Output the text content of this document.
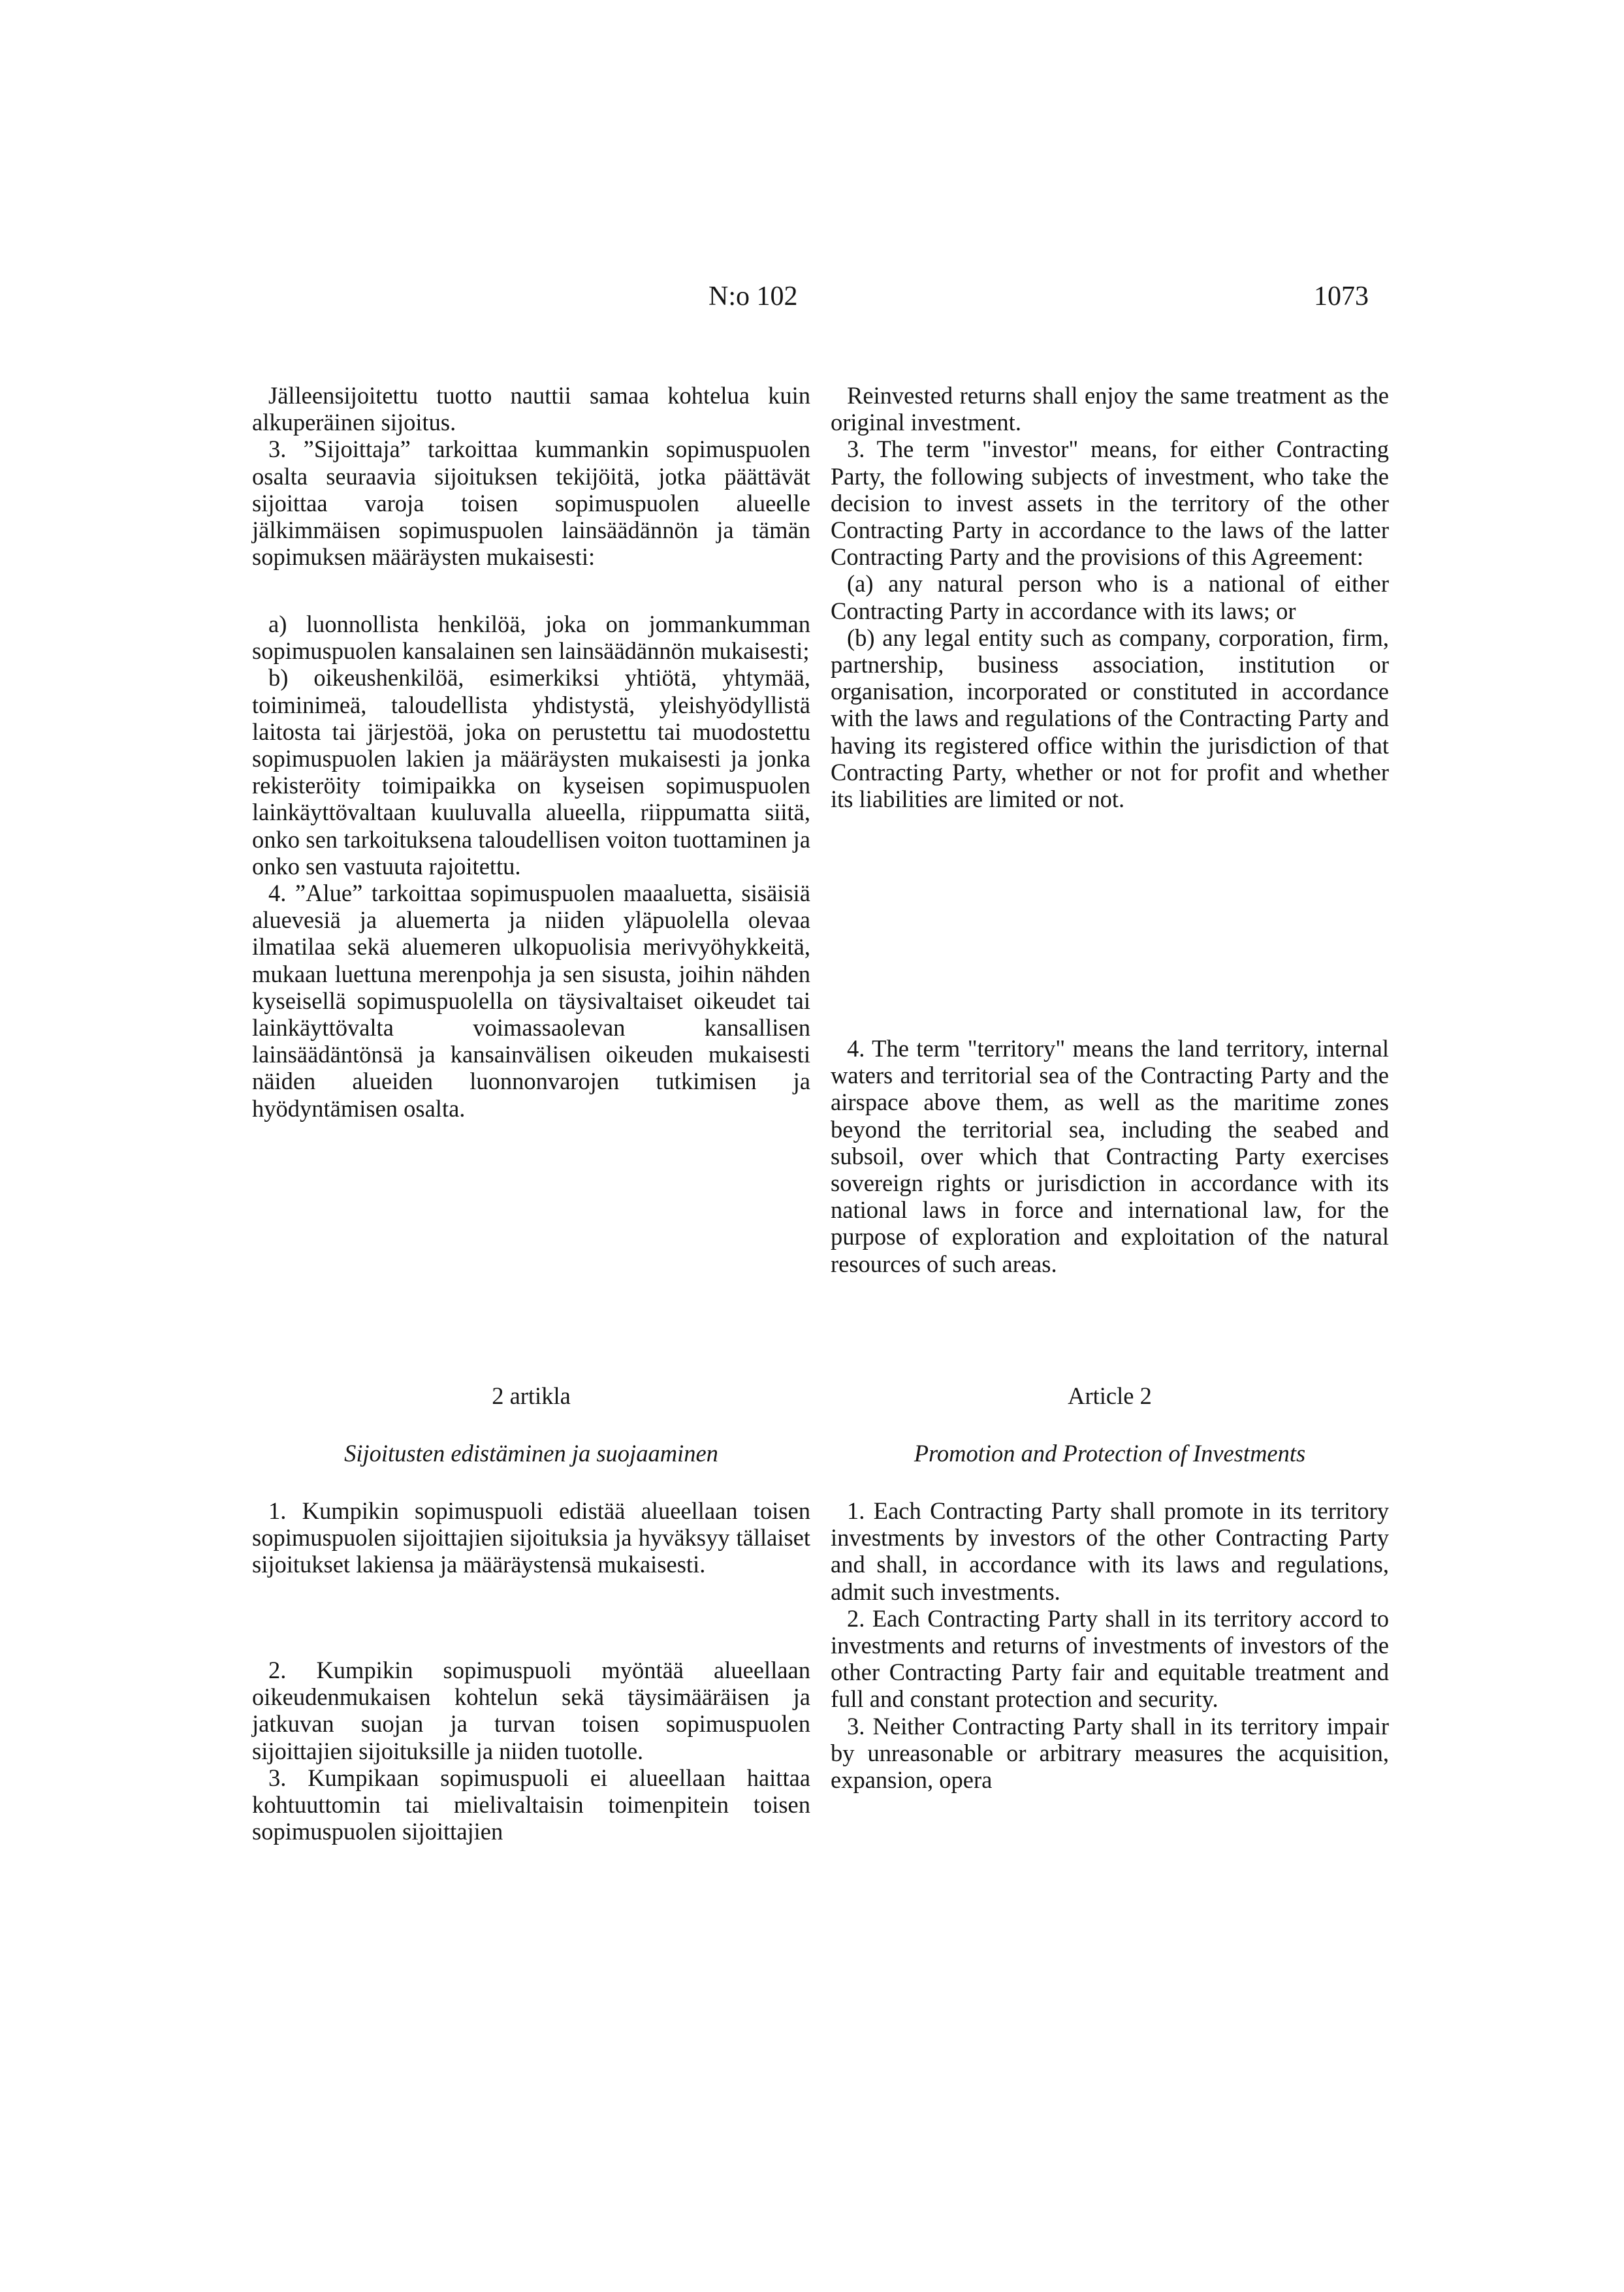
N:o 102	1073

Jälleensijoitettu tuotto nauttii samaa kohtelua kuin alkuperäinen sijoitus.

3. ”Sijoittaja” tarkoittaa kummankin sopimuspuolen osalta seuraavia sijoituksen tekijöitä, jotka päättävät sijoittaa varoja toisen sopimuspuolen alueelle jälkimmäisen sopimuspuolen lainsäädännön ja tämän sopimuksen määräysten mukaisesti:

a) luonnollista henkilöä, joka on jommankumman sopimuspuolen kansalainen sen lainsäädännön mukaisesti;

b) oikeushenkilöä, esimerkiksi yhtiötä, yhtymää, toiminimeä, taloudellista yhdistystä, yleishyödyllistä laitosta tai järjestöä, joka on perustettu tai muodostettu sopimuspuolen lakien ja määräysten mukaisesti ja jonka rekisteröity toimipaikka on kyseisen sopimuspuolen lainkäyttövaltaan kuuluvalla alueella, riippumatta siitä, onko sen tarkoituksena taloudellisen voiton tuottaminen ja onko sen vastuuta rajoitettu.

4. ”Alue” tarkoittaa sopimuspuolen maaaluetta, sisäisiä aluevesiä ja aluemerta ja niiden yläpuolella olevaa ilmatilaa sekä aluemeren ulkopuolisia merivyöhykkeitä, mukaan luettuna merenpohja ja sen sisusta, joihin nähden kyseisellä sopimuspuolella on täysivaltaiset oikeudet tai lainkäyttövalta voimassaolevan kansallisen lainsäädäntönsä ja kansainvälisen oikeuden mukaisesti näiden alueiden luonnonvarojen tutkimisen ja hyödyntämisen osalta.

2 artikla

Sijoitusten edistäminen ja suojaaminen

1. Kumpikin sopimuspuoli edistää alueellaan toisen sopimuspuolen sijoittajien sijoituksia ja hyväksyy tällaiset sijoitukset lakiensa ja määräystensä mukaisesti.

2. Kumpikin sopimuspuoli myöntää alueellaan oikeudenmukaisen kohtelun sekä täysimääräisen ja jatkuvan suojan ja turvan toisen sopimuspuolen sijoittajien sijoituksille ja niiden tuotolle.

3. Kumpikaan sopimuspuoli ei alueellaan haittaa kohtuuttomin tai mielivaltaisin toimenpitein toisen sopimuspuolen sijoittajien

Reinvested returns shall enjoy the same treatment as the original investment.

3. The term "investor" means, for either Contracting Party, the following subjects of investment, who take the decision to invest assets in the territory of the other Contracting Party in accordance to the laws of the latter Contracting Party and the provisions of this Agreement:

(a) any natural person who is a national of either Contracting Party in accordance with its laws; or

(b) any legal entity such as company, corporation, firm, partnership, business association, institution or organisation, incorporated or constituted in accordance with the laws and regulations of the Contracting Party and having its registered office within the jurisdiction of that Contracting Party, whether or not for profit and whether its liabilities are limited or not.

4. The term "territory" means the land territory, internal waters and territorial sea of the Contracting Party and the airspace above them, as well as the maritime zones beyond the territorial sea, including the seabed and subsoil, over which that Contracting Party exercises sovereign rights or jurisdiction in accordance with its national laws in force and international law, for the purpose of exploration and exploitation of the natural resources of such areas.

Article 2

Promotion and Protection of Investments

1. Each Contracting Party shall promote in its territory investments by investors of the other Contracting Party and shall, in accordance with its laws and regulations, admit such investments.

2. Each Contracting Party shall in its territory accord to investments and returns of investments of investors of the other Contracting Party fair and equitable treatment and full and constant protection and security.

3. Neither Contracting Party shall in its territory impair by unreasonable or arbitrary measures the acquisition, expansion, opera
